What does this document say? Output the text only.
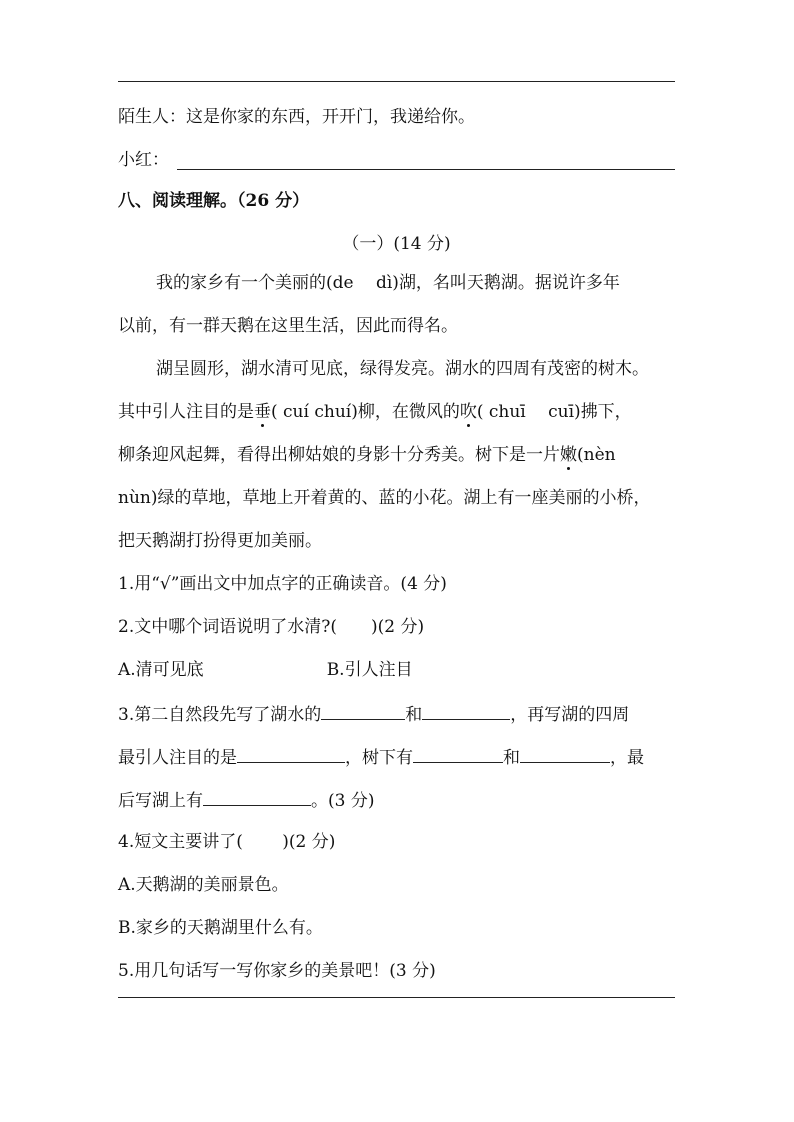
陌生人：这是你家的东西，开开门，我递给你。
小红：
八、阅读理解。（26 分）
（一）(14 分)
我的家乡有一个美丽的(de　 dì)湖，名叫天鹅湖。据说许多年
以前，有一群天鹅在这里生活，因此而得名。
湖呈圆形，湖水清可见底，绿得发亮。湖水的四周有茂密的树木。
其中引人注目的是垂( cuí chuí)柳，在微风的吹( chuī　 cuī)拂下，
柳条迎风起舞，看得出柳姑娘的身影十分秀美。树下是一片嫩(nèn
nùn)绿的草地，草地上开着黄的、蓝的小花。湖上有一座美丽的小桥，
把天鹅湖打扮得更加美丽。
1.用“√”画出文中加点字的正确读音。(4 分)
2.文中哪个词语说明了水清?(　　)(2 分)
A.清可见底	B.引人注目
3.第二自然段先写了湖水的	和	，再写湖的四周
最引人注目的是	，树下有	和	，最
后写湖上有	。(3 分)
4.短文主要讲了(　　 )(2 分)
A.天鹅湖的美丽景色。
B.家乡的天鹅湖里什么有。
5.用几句话写一写你家乡的美景吧！(3 分)
